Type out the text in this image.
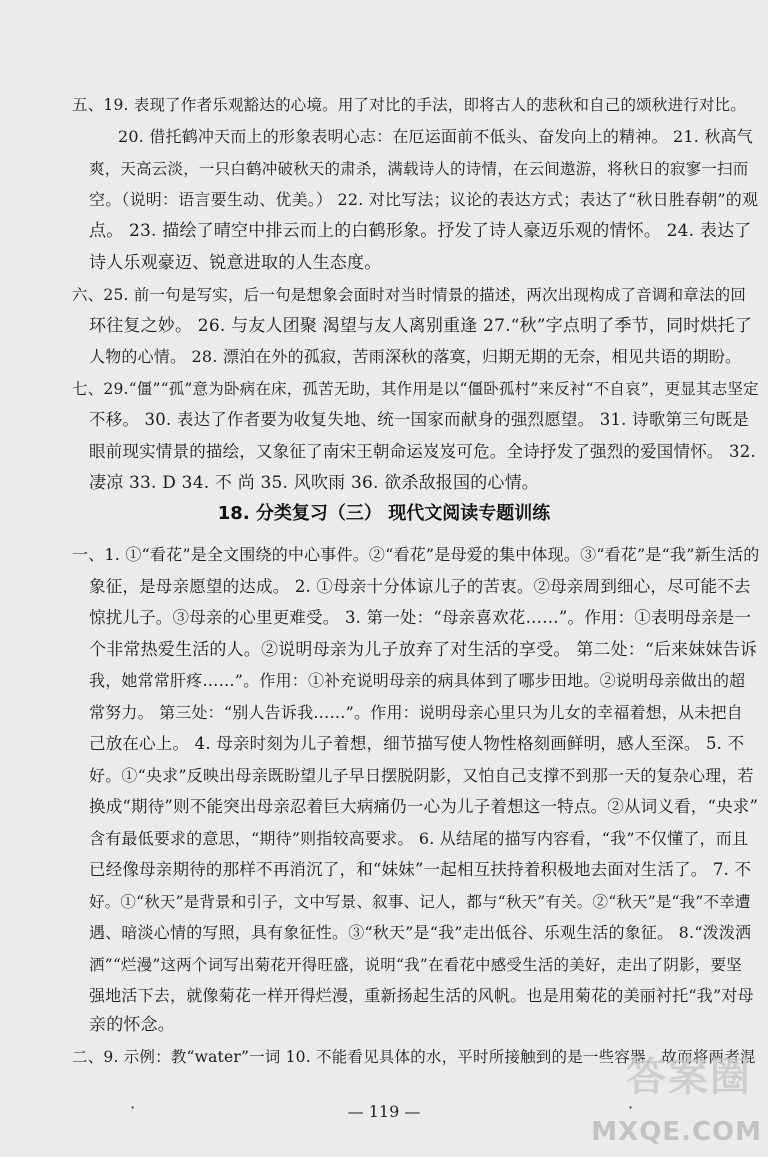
五、19. 表现了作者乐观豁达的心境。用了对比的手法，即将古人的悲秋和自己的颂秋进行对比。
20. 借托鹤冲天而上的形象表明心志：在厄运面前不低头、奋发向上的精神。 21. 秋高气
爽，天高云淡，一只白鹤冲破秋天的肃杀，满载诗人的诗情，在云间遨游，将秋日的寂寥一扫而
空。（说明：语言要生动、优美。） 22. 对比写法；议论的表达方式；表达了“秋日胜春朝”的观
点。 23. 描绘了晴空中排云而上的白鹤形象。抒发了诗人豪迈乐观的情怀。 24. 表达了
诗人乐观豪迈、锐意进取的人生态度。
六、25. 前一句是写实，后一句是想象会面时对当时情景的描述，两次出现构成了音调和章法的回
环往复之妙。 26. 与友人团聚 渴望与友人离别重逢 27.“秋”字点明了季节，同时烘托了
人物的心情。 28. 漂泊在外的孤寂，苦雨深秋的落寞，归期无期的无奈，相见共语的期盼。
七、29.“僵”“孤”意为卧病在床，孤苦无助，其作用是以“僵卧孤村”来反衬“不自哀”，更显其志坚定
不移。 30. 表达了作者要为收复失地、统一国家而献身的强烈愿望。 31. 诗歌第三句既是
眼前现实情景的描绘，又象征了南宋王朝命运岌岌可危。全诗抒发了强烈的爱国情怀。 32.
凄凉 33. D 34. 不 尚 35. 风吹雨 36. 欲杀敌报国的心情。
18. 分类复习（三） 现代文阅读专题训练
一、1. ①“看花”是全文围绕的中心事件。②“看花”是母爱的集中体现。③“看花”是“我”新生活的
象征，是母亲愿望的达成。 2. ①母亲十分体谅儿子的苦衷。②母亲周到细心，尽可能不去
惊扰儿子。③母亲的心里更难受。 3. 第一处：“母亲喜欢花……”。作用：①表明母亲是一
个非常热爱生活的人。②说明母亲为儿子放弃了对生活的享受。 第二处：“后来妹妹告诉
我，她常常肝疼……”。作用：①补充说明母亲的病具体到了哪步田地。②说明母亲做出的超
常努力。 第三处：“别人告诉我……”。作用：说明母亲心里只为儿女的幸福着想，从未把自
己放在心上。 4. 母亲时刻为儿子着想，细节描写使人物性格刻画鲜明，感人至深。 5. 不
好。①“央求”反映出母亲既盼望儿子早日摆脱阴影，又怕自己支撑不到那一天的复杂心理，若
换成“期待”则不能突出母亲忍着巨大病痛仍一心为儿子着想这一特点。②从词义看，“央求”
含有最低要求的意思，“期待”则指较高要求。 6. 从结尾的描写内容看，“我”不仅懂了，而且
已经像母亲期待的那样不再消沉了，和“妹妹”一起相互扶持着积极地去面对生活了。 7. 不
好。①“秋天”是背景和引子，文中写景、叙事、记人，都与“秋天”有关。②“秋天”是“我”不幸遭
遇、暗淡心情的写照，具有象征性。③“秋天”是“我”走出低谷、乐观生活的象征。 8.“泼泼洒
洒”“烂漫”这两个词写出菊花开得旺盛，说明“我”在看花中感受生活的美好，走出了阴影，要坚
强地活下去，就像菊花一样开得烂漫，重新扬起生活的风帆。也是用菊花的美丽衬托“我”对母
— 119 —
亲的怀念。
二、9. 示例：教“water”一词 10. 不能看见具体的水，平时所接触到的是一些容器，故而将两者混
·	·
答案圈
MXQE.COM
